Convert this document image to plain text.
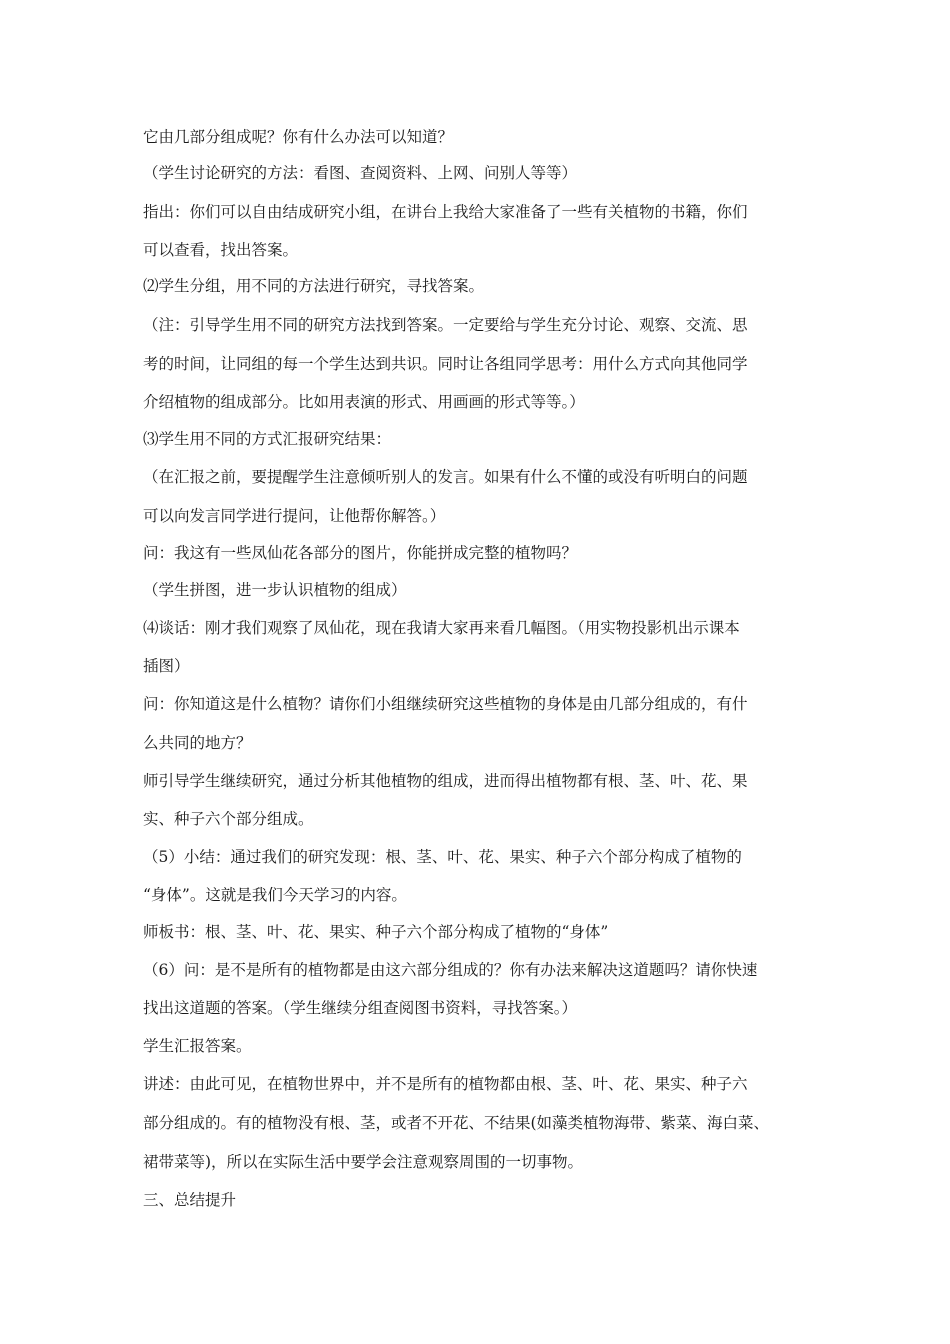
它由几部分组成呢？你有什么办法可以知道？
（学生讨论研究的方法：看图、查阅资料、上网、问别人等等）
指出：你们可以自由结成研究小组，在讲台上我给大家准备了一些有关植物的书籍，你们
可以查看，找出答案。
⑵学生分组，用不同的方法进行研究，寻找答案。
（注：引导学生用不同的研究方法找到答案。一定要给与学生充分讨论、观察、交流、思
考的时间，让同组的每一个学生达到共识。同时让各组同学思考：用什么方式向其他同学
介绍植物的组成部分。比如用表演的形式、用画画的形式等等。）
⑶学生用不同的方式汇报研究结果：
（在汇报之前，要提醒学生注意倾听别人的发言。如果有什么不懂的或没有听明白的问题
可以向发言同学进行提问，让他帮你解答。）
问：我这有一些凤仙花各部分的图片，你能拼成完整的植物吗？
（学生拼图，进一步认识植物的组成）
⑷谈话：刚才我们观察了凤仙花，现在我请大家再来看几幅图。（用实物投影机出示课本
插图）
问：你知道这是什么植物？请你们小组继续研究这些植物的身体是由几部分组成的，有什
么共同的地方？
师引导学生继续研究，通过分析其他植物的组成，进而得出植物都有根、茎、叶、花、果
实、种子六个部分组成。
（5）小结：通过我们的研究发现：根、茎、叶、花、果实、种子六个部分构成了植物的
“身体”。这就是我们今天学习的内容。
师板书：根、茎、叶、花、果实、种子六个部分构成了植物的“身体”
（6）问：是不是所有的植物都是由这六部分组成的？你有办法来解决这道题吗？请你快速
找出这道题的答案。（学生继续分组查阅图书资料，寻找答案。）
学生汇报答案。
讲述：由此可见，在植物世界中，并不是所有的植物都由根、茎、叶、花、果实、种子六
部分组成的。有的植物没有根、茎，或者不开花、不结果(如藻类植物海带、紫菜、海白菜、
裙带菜等)，所以在实际生活中要学会注意观察周围的一切事物。
三、总结提升
